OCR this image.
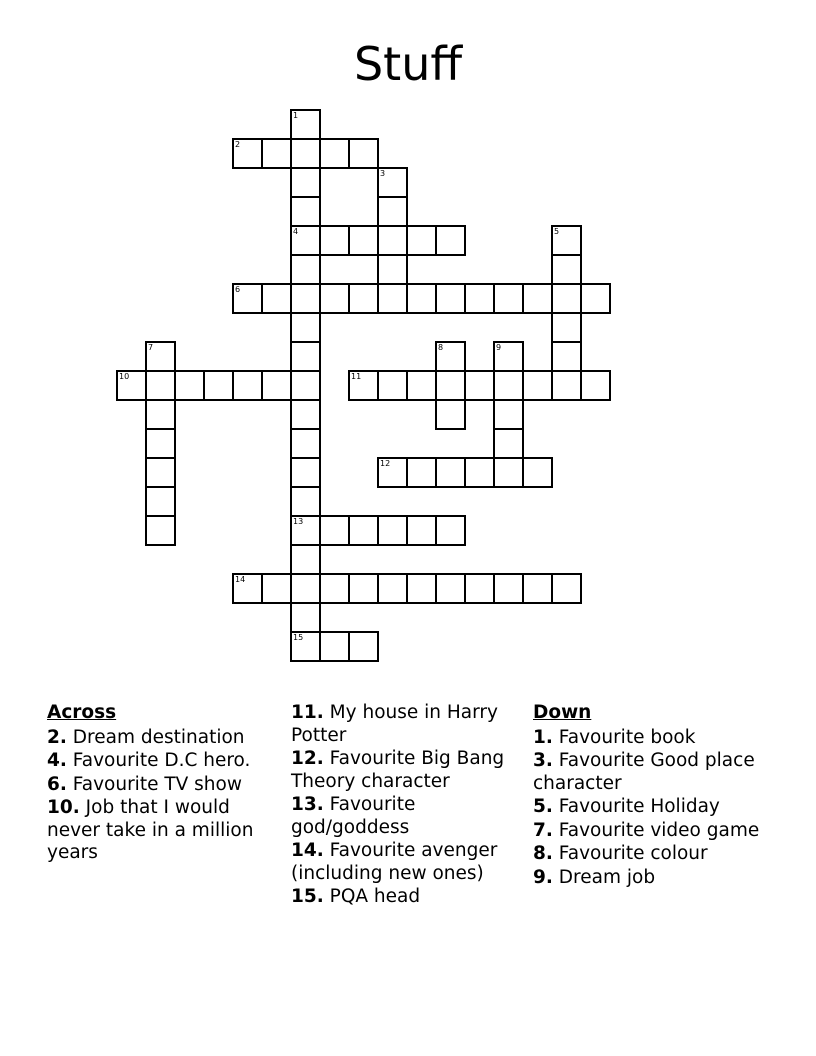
Stuff
1
4
13
15
2
3
5
6
7	8	9
10	11
12
14
Across
2. Dream destination
4. Favourite D.C hero.
6. Favourite TV show
10. Job that I would never take in a million years
11. My house in Harry Potter
12. Favourite Big Bang Theory character
13. Favourite god/goddess
14. Favourite avenger (including new ones)
15. PQA head
Down
1. Favourite book
3. Favourite Good place character
5. Favourite Holiday
7. Favourite video game
8. Favourite colour
9. Dream job
